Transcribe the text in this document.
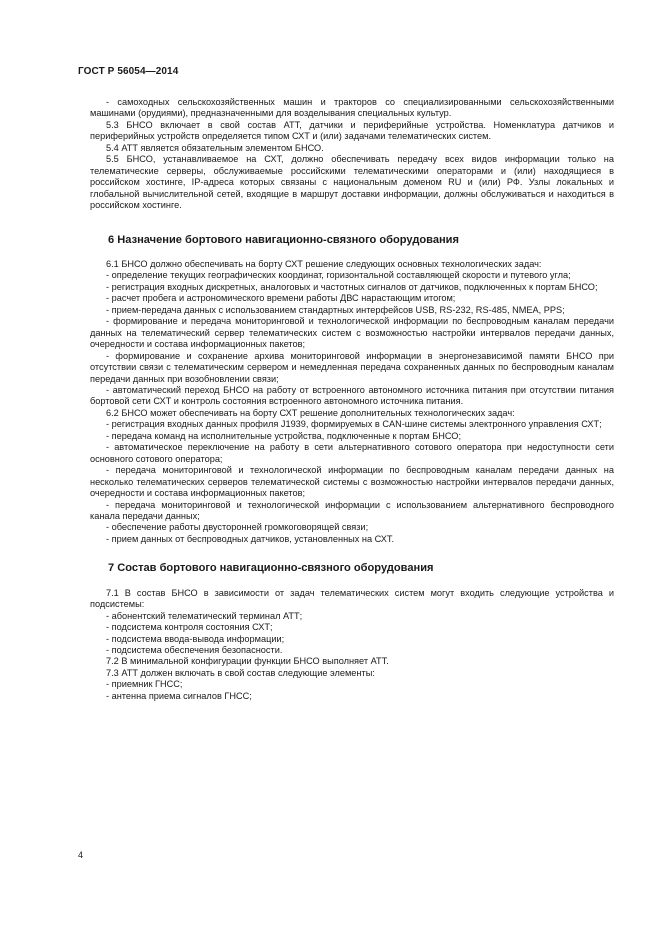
ГОСТ Р 56054—2014

- самоходных сельскохозяйственных машин и тракторов со специализированными сельскохозяйственными машинами (орудиями), предназначенными для возделывания специальных культур.

5.3 БНСО включает в свой состав АТТ, датчики и периферийные устройства. Номенклатура датчиков и периферийных устройств определяется типом СХТ и (или) задачами телематических систем.

5.4 АТТ является обязательным элементом БНСО.

5.5 БНСО, устанавливаемое на СХТ, должно обеспечивать передачу всех видов информации только на телематические серверы, обслуживаемые российскими телематическими операторами и (или) находящиеся в российском хостинге, IP-адреса которых связаны с национальным доменом RU и (или) РФ. Узлы локальных и глобальной вычислительной сетей, входящие в маршрут доставки информации, должны обслуживаться и находиться в российском хостинге.

6 Назначение бортового навигационно-связного оборудования

6.1 БНСО должно обеспечивать на борту СХТ решение следующих основных технологических задач:

- определение текущих географических координат, горизонтальной составляющей скорости и путевого угла;

- регистрация входных дискретных, аналоговых и частотных сигналов от датчиков, подключенных к портам БНСО;

- расчет пробега и астрономического времени работы ДВС нарастающим итогом;

- прием-передача данных с использованием стандартных интерфейсов USB, RS-232, RS-485, NMEA, PPS;

- формирование и передача мониторинговой и технологической информации по беспроводным каналам передачи данных на телематический сервер телематических систем с возможностью настройки интервалов передачи данных, очередности и состава информационных пакетов;

- формирование и сохранение архива мониторинговой информации в энергонезависимой памяти БНСО при отсутствии связи с телематическим сервером и немедленная передача сохраненных данных по беспроводным каналам передачи данных при возобновлении связи;

- автоматический переход БНСО на работу от встроенного автономного источника питания при отсутствии питания бортовой сети СХТ и контроль состояния встроенного автономного источника питания.

6.2 БНСО может обеспечивать на борту СХТ решение дополнительных технологических задач:

- регистрация входных данных профиля J1939, формируемых в CAN-шине системы электронного управления СХТ;

- передача команд на исполнительные устройства, подключенные к портам БНСО;

- автоматическое переключение на работу в сети альтернативного сотового оператора при недоступности сети основного сотового оператора;

- передача мониторинговой и технологической информации по беспроводным каналам передачи данных на несколько телематических серверов телематической системы с возможностью настройки интервалов передачи данных, очередности и состава информационных пакетов;

- передача мониторинговой и технологической информации с использованием альтернативного беспроводного канала передачи данных;

- обеспечение работы двусторонней громкоговорящей связи;

- прием данных от беспроводных датчиков, установленных на СХТ.

7 Состав бортового навигационно-связного оборудования

7.1 В состав БНСО в зависимости от задач телематических систем могут входить следующие устройства и подсистемы:

- абонентский телематический терминал АТТ;

- подсистема контроля состояния СХТ;

- подсистема ввода-вывода информации;

- подсистема обеспечения безопасности.

7.2 В минимальной конфигурации функции БНСО выполняет АТТ.

7.3 АТТ должен включать в свой состав следующие элементы:

- приемник ГНСС;

- антенна приема сигналов ГНСС;

4
